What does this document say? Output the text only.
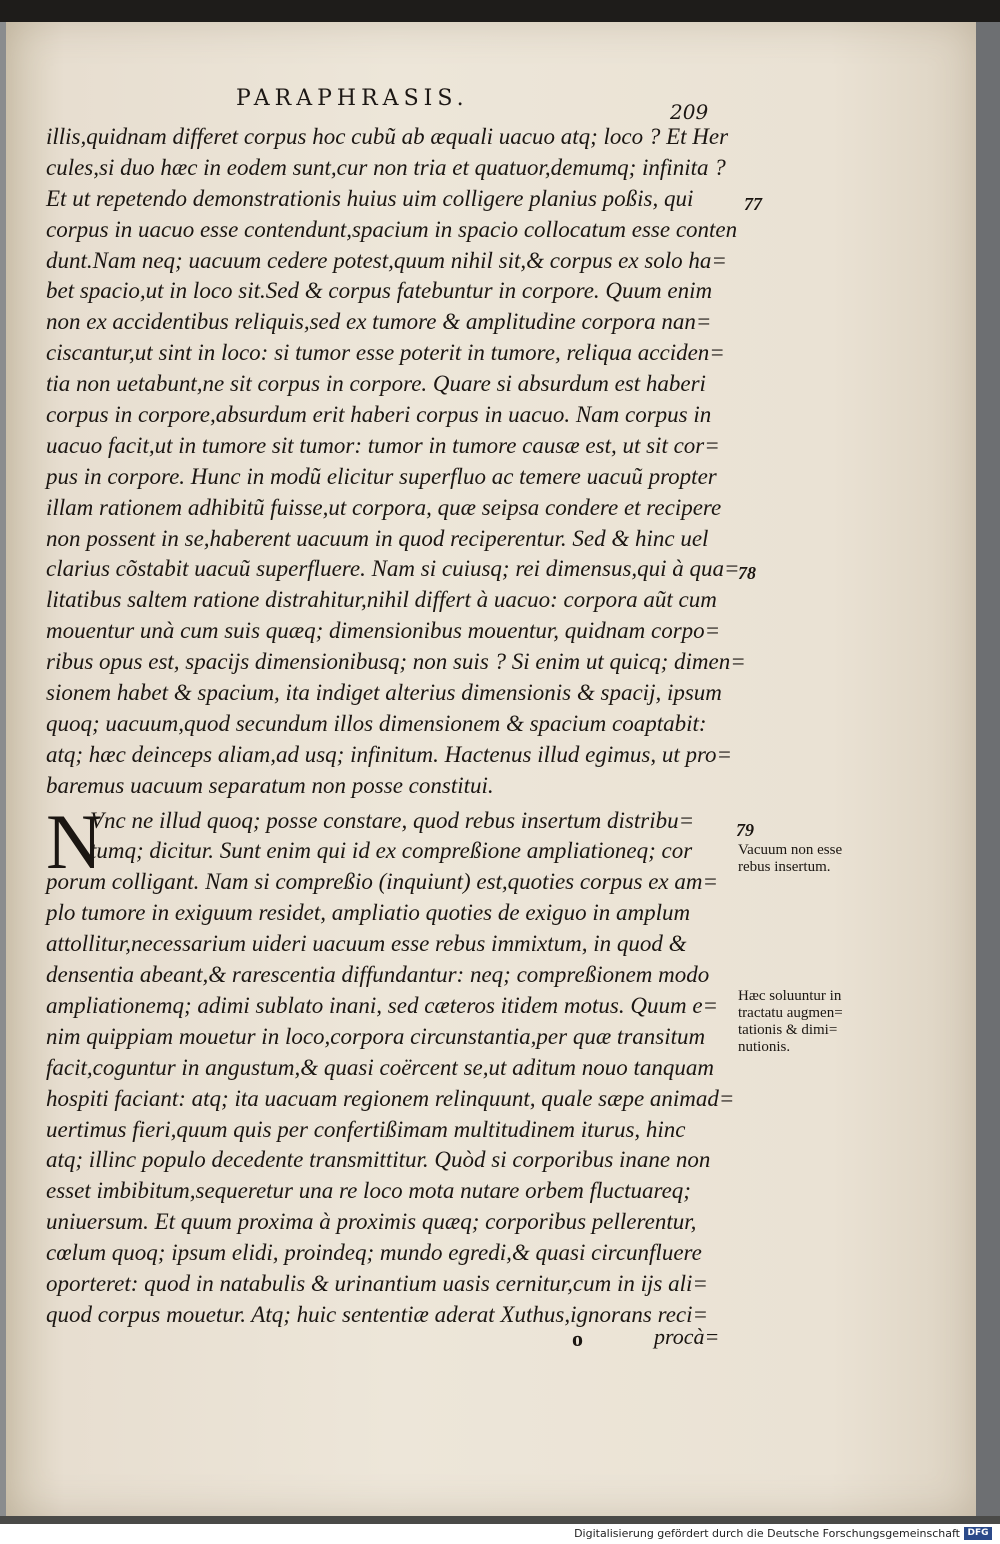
PARAPHRASIS.
209
illis,quidnam differet corpus hoc cubũ ab æquali uacuo atq; loco ? Et Her
cules,si duo hæc in eodem sunt,cur non tria et quatuor,demumq; infinita ?
Et ut repetendo demonstrationis huius uim colligere planius poßis, qui
corpus in uacuo esse contendunt,spacium in spacio collocatum esse conten
dunt.Nam neq; uacuum cedere potest,quum nihil sit,& corpus ex solo ha=
bet spacio,ut in loco sit.Sed & corpus fatebuntur in corpore. Quum enim
non ex accidentibus reliquis,sed ex tumore & amplitudine corpora nan=
ciscantur,ut sint in loco: si tumor esse poterit in tumore, reliqua acciden=
tia non uetabunt,ne sit corpus in corpore. Quare si absurdum est haberi
corpus in corpore,absurdum erit haberi corpus in uacuo. Nam corpus in
uacuo facit,ut in tumore sit tumor: tumor in tumore causæ est, ut sit cor=
pus in corpore. Hunc in modũ elicitur superfluo ac temere uacuũ propter
illam rationem adhibitũ fuisse,ut corpora, quæ seipsa condere et recipere
non possent in se,haberent uacuum in quod reciperentur. Sed & hinc uel
clarius cõstabit uacuũ superfluere. Nam si cuiusq; rei dimensus,qui à qua=
litatibus saltem ratione distrahitur,nihil differt à uacuo: corpora aũt cum
mouentur unà cum suis quæq; dimensionibus mouentur, quidnam corpo=
ribus opus est, spacijs dimensionibusq; non suis ? Si enim ut quicq; dimen=
sionem habet & spacium, ita indiget alterius dimensionis & spacij, ipsum
quoq; uacuum,quod secundum illos dimensionem & spacium coaptabit:
atq; hæc deinceps aliam,ad usq; infinitum. Hactenus illud egimus, ut pro=
baremus uacuum separatum non posse constitui.
N
Vnc ne illud quoq; posse constare, quod rebus insertum distribu=
tumq; dicitur. Sunt enim qui id ex compreßione ampliationeq; cor
porum colligant. Nam si compreßio (inquiunt) est,quoties corpus ex am=
plo tumore in exiguum residet, ampliatio quoties de exiguo in amplum
attollitur,necessarium uideri uacuum esse rebus immixtum, in quod &
densentia abeant,& rarescentia diffundantur: neq; compreßionem modo
ampliationemq; adimi sublato inani, sed cæteros itidem motus. Quum e=
nim quippiam mouetur in loco,corpora circunstantia,per quæ transitum
facit,coguntur in angustum,& quasi coërcent se,ut aditum nouo tanquam
hospiti faciant: atq; ita uacuam regionem relinquunt, quale sæpe animad=
uertimus fieri,quum quis per confertißimam multitudinem iturus, hinc
atq; illinc populo decedente transmittitur. Quòd si corporibus inane non
esset imbibitum,sequeretur una re loco mota nutare orbem fluctuareq;
uniuersum. Et quum proxima à proximis quæq; corporibus pellerentur,
cœlum quoq; ipsum elidi, proindeq; mundo egredi,& quasi circunfluere
oporteret: quod in natabulis & urinantium uasis cernitur,cum in ijs ali=
quod corpus mouetur. Atq; huic sententiæ aderat Xuthus,ignorans reci=
77
78
79
Vacuum non esse
rebus insertum.
Hæc soluuntur in
tractatu augmen=
tationis & dimi=
nutionis.
o	procà=
Digitalisierung gefördert durch die Deutsche Forschungsgemeinschaft DFG
